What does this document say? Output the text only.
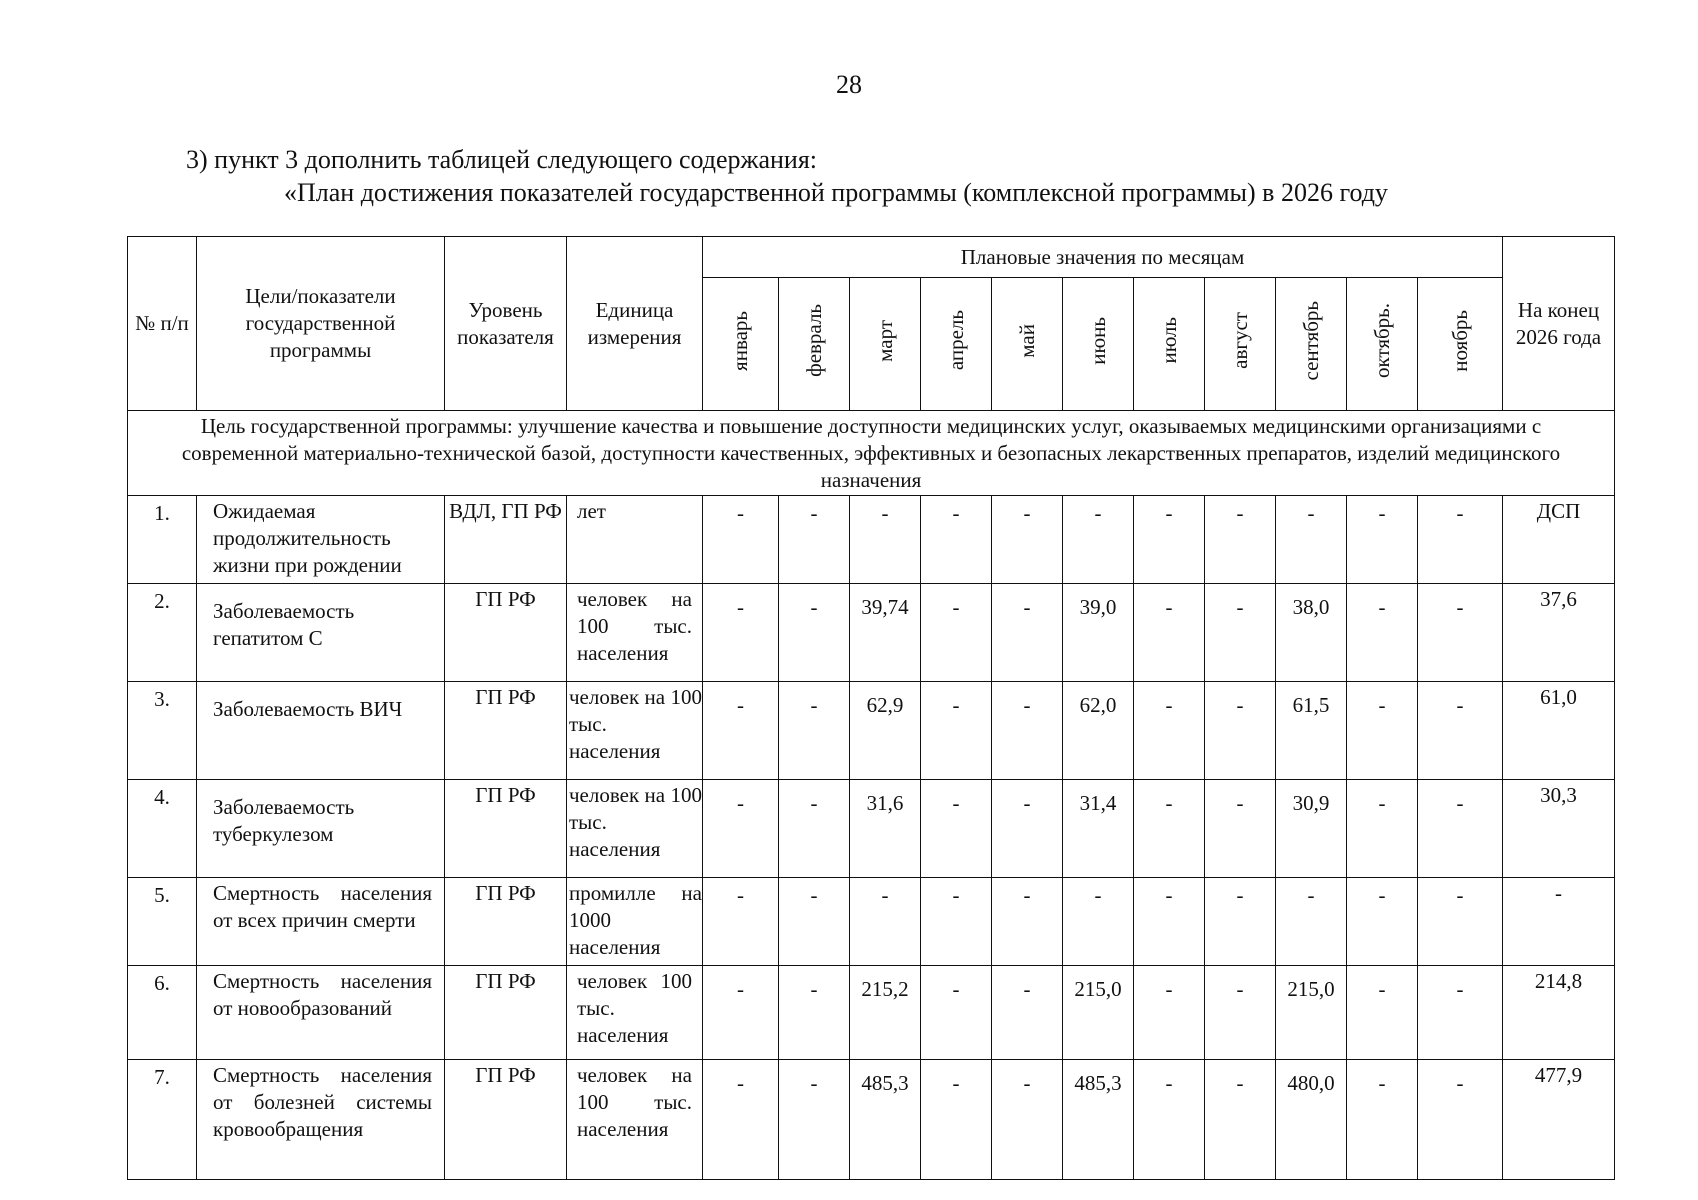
28
3) пункт 3 дополнить таблицей следующего содержания:
«План достижения показателей государственной программы (комплексной программы) в 2026 году
№ п/п	Цели/показатели государственной программы	Уровень показателя	Единица измерения	Плановые значения по месяцам											На конец 2026 года
				январь	февраль	март	апрель	май	июнь	июль	август	сентябрь	октябрь.	ноябрь	
Цель государственной программы: улучшение качества и повышение доступности медицинских услуг, оказываемых медицинскими организациями с современной материально-технической базой, доступности качественных, эффективных и безопасных лекарственных препаратов, изделий медицинского назначения															
1.	Ожидаемая продолжительность жизни при рождении	ВДЛ, ГП РФ	лет	-	-	-	-	-	-	-	-	-	-	-	ДСП
2.	Заболеваемость гепатитом С	ГП РФ	человек на 100 тыс. населения	-	-	39,74	-	-	39,0	-	-	38,0	-	-	37,6
3.	Заболеваемость ВИЧ	ГП РФ	человек на 100 тыс. населения	-	-	62,9	-	-	62,0	-	-	61,5	-	-	61,0
4.	Заболеваемость туберкулезом	ГП РФ	человек на 100 тыс. населения	-	-	31,6	-	-	31,4	-	-	30,9	-	-	30,3
5.	Смертность населения от всех причин смерти	ГП РФ	промилле на 1000 населения	-	-	-	-	-	-	-	-	-	-	-	-
6.	Смертность населения от новообразований	ГП РФ	человек 100 тыс. населения	-	-	215,2	-	-	215,0	-	-	215,0	-	-	214,8
7.	Смертность населения от болезней системы кровообращения	ГП РФ	человек на 100 тыс. населения	-	-	485,3	-	-	485,3	-	-	480,0	-	-	477,9
